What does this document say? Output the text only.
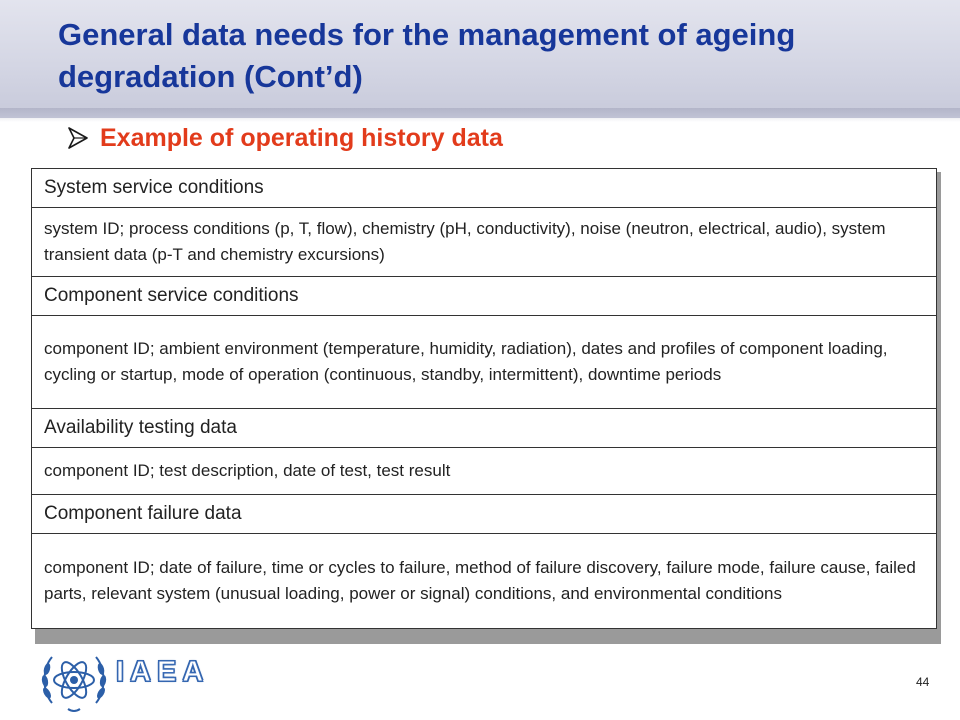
General data needs for the management of ageing degradation (Cont’d)
Example of operating history data
System service conditions
system ID; process conditions (p, T, flow), chemistry (pH, conductivity), noise (neutron, electrical, audio), system transient data (p-T and chemistry excursions)
Component service conditions
component ID; ambient environment (temperature, humidity, radiation), dates and profiles of component loading, cycling or startup, mode of operation (continuous, standby, intermittent), downtime periods
Availability testing data
component ID; test description, date of test, test result
Component failure data
component ID; date of failure, time or cycles to failure, method of failure discovery, failure mode, failure cause, failed parts, relevant system (unusual loading, power or signal) conditions, and environmental conditions
IAEA	44
